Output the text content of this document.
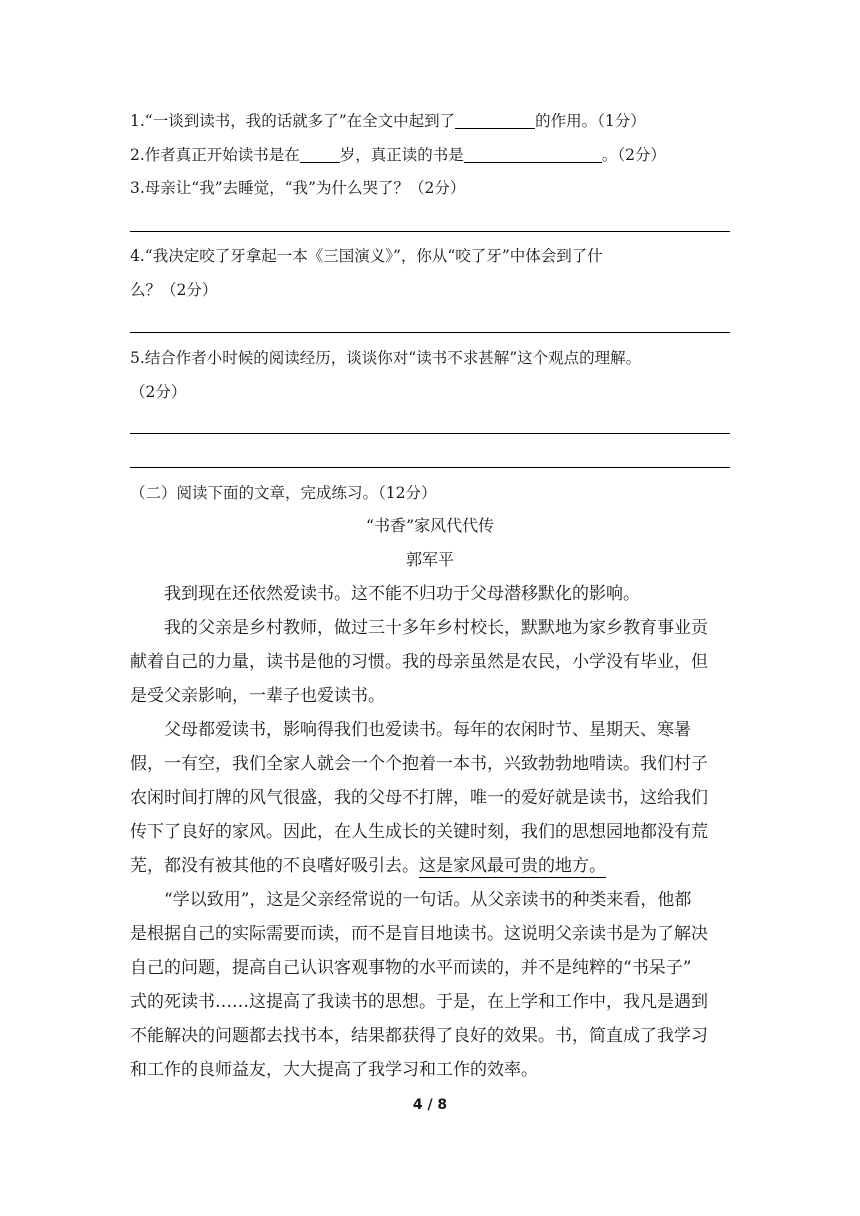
1.“一谈到读书，我的话就多了”在全文中起到了	的作用。（1分）
2.作者真正开始读书是在	岁，真正读的书是	。（2分）
3.母亲让“我”去睡觉，“我”为什么哭了？（2分）
4.“我决定咬了牙拿起一本《三国演义》”，你从“咬了牙”中体会到了什
么？（2分）
5.结合作者小时候的阅读经历，谈谈你对“读书不求甚解”这个观点的理解。
（2分）
（二）阅读下面的文章，完成练习。（12分）
“书香”家风代代传
郭军平
我到现在还依然爱读书。这不能不归功于父母潜移默化的影响。
我的父亲是乡村教师，做过三十多年乡村校长，默默地为家乡教育事业贡
献着自己的力量，读书是他的习惯。我的母亲虽然是农民，小学没有毕业，但
是受父亲影响，一辈子也爱读书。
父母都爱读书，影响得我们也爱读书。每年的农闲时节、星期天、寒暑
假，一有空，我们全家人就会一个个抱着一本书，兴致勃勃地啃读。我们村子
农闲时间打牌的风气很盛，我的父母不打牌，唯一的爱好就是读书，这给我们
传下了良好的家风。因此，在人生成长的关键时刻，我们的思想园地都没有荒
芜，都没有被其他的不良嗜好吸引去。这是家风最可贵的地方。
“学以致用”，这是父亲经常说的一句话。从父亲读书的种类来看，他都
是根据自己的实际需要而读，而不是盲目地读书。这说明父亲读书是为了解决
自己的问题，提高自己认识客观事物的水平而读的，并不是纯粹的“书呆子”
式的死读书……这提高了我读书的思想。于是，在上学和工作中，我凡是遇到
不能解决的问题都去找书本，结果都获得了良好的效果。书，简直成了我学习
和工作的良师益友，大大提高了我学习和工作的效率。
4 / 8
